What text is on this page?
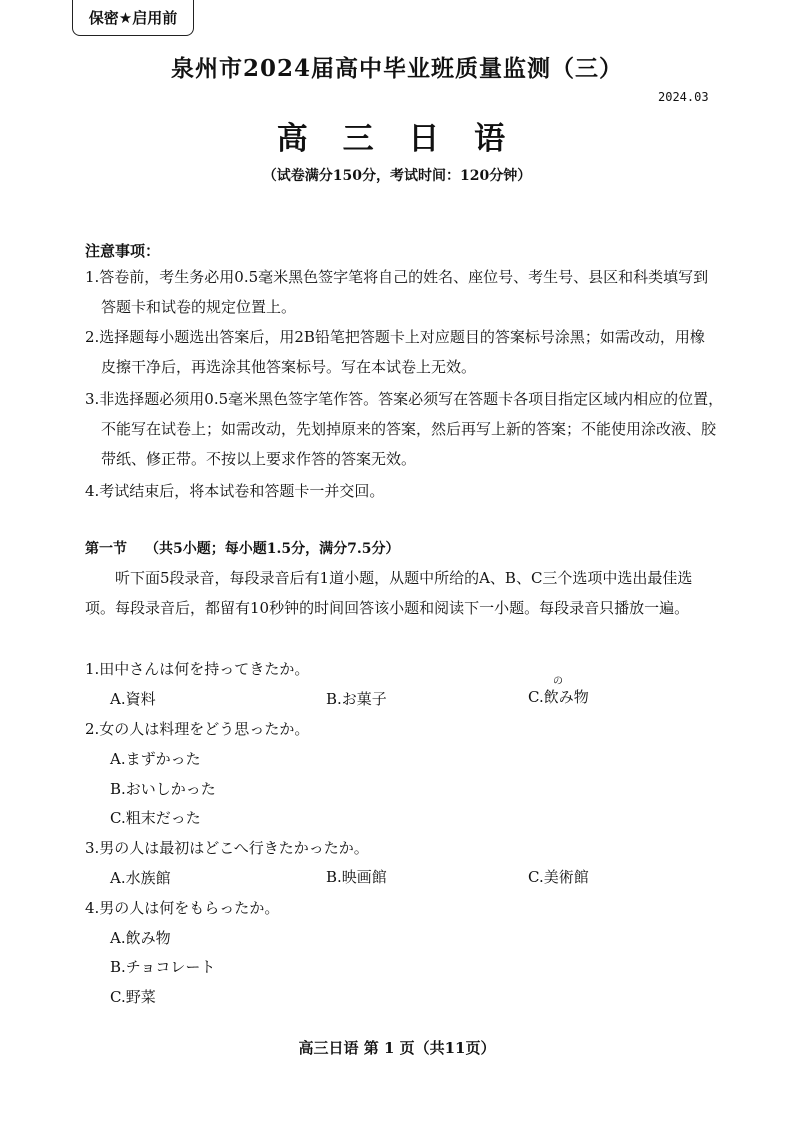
保密★启用前
泉州市2024届高中毕业班质量监测（三）
2024.03
高 三 日 语
（试卷满分150分，考试时间：120分钟）
注意事项：
1.答卷前，考生务必用0.5毫米黑色签字笔将自己的姓名、座位号、考生号、县区和科类填写到
答题卡和试卷的规定位置上。
2.选择题每小题选出答案后，用2B铅笔把答题卡上对应题目的答案标号涂黑；如需改动，用橡
皮擦干净后，再选涂其他答案标号。写在本试卷上无效。
3.非选择题必须用0.5毫米黑色签字笔作答。答案必须写在答题卡各项目指定区域内相应的位置，
不能写在试卷上；如需改动，先划掉原来的答案，然后再写上新的答案；不能使用涂改液、胶
带纸、修正带。不按以上要求作答的答案无效。
4.考试结束后，将本试卷和答题卡一并交回。
第一节 （共5小题；每小题1.5分，满分7.5分）

听下面5段录音，每段录音后有1道小题，从题中所给的A、B、C三个选项中选出最佳选

项。每段录音后，都留有10秒钟的时间回答该小题和阅读下一小题。每段录音只播放一遍。

1.田中さんは何を持ってきたか。
A.資料	B.お菓子
の
C.飲み物
2.女の人は料理をどう思ったか。
A.まずかった
B.おいしかった
C.粗末だった
3.男の人は最初はどこへ行きたかったか。
A.水族館	B.映画館	C.美術館
4.男の人は何をもらったか。
A.飲み物
B.チョコレート
C.野菜
高三日语 第 1 页（共11页）
